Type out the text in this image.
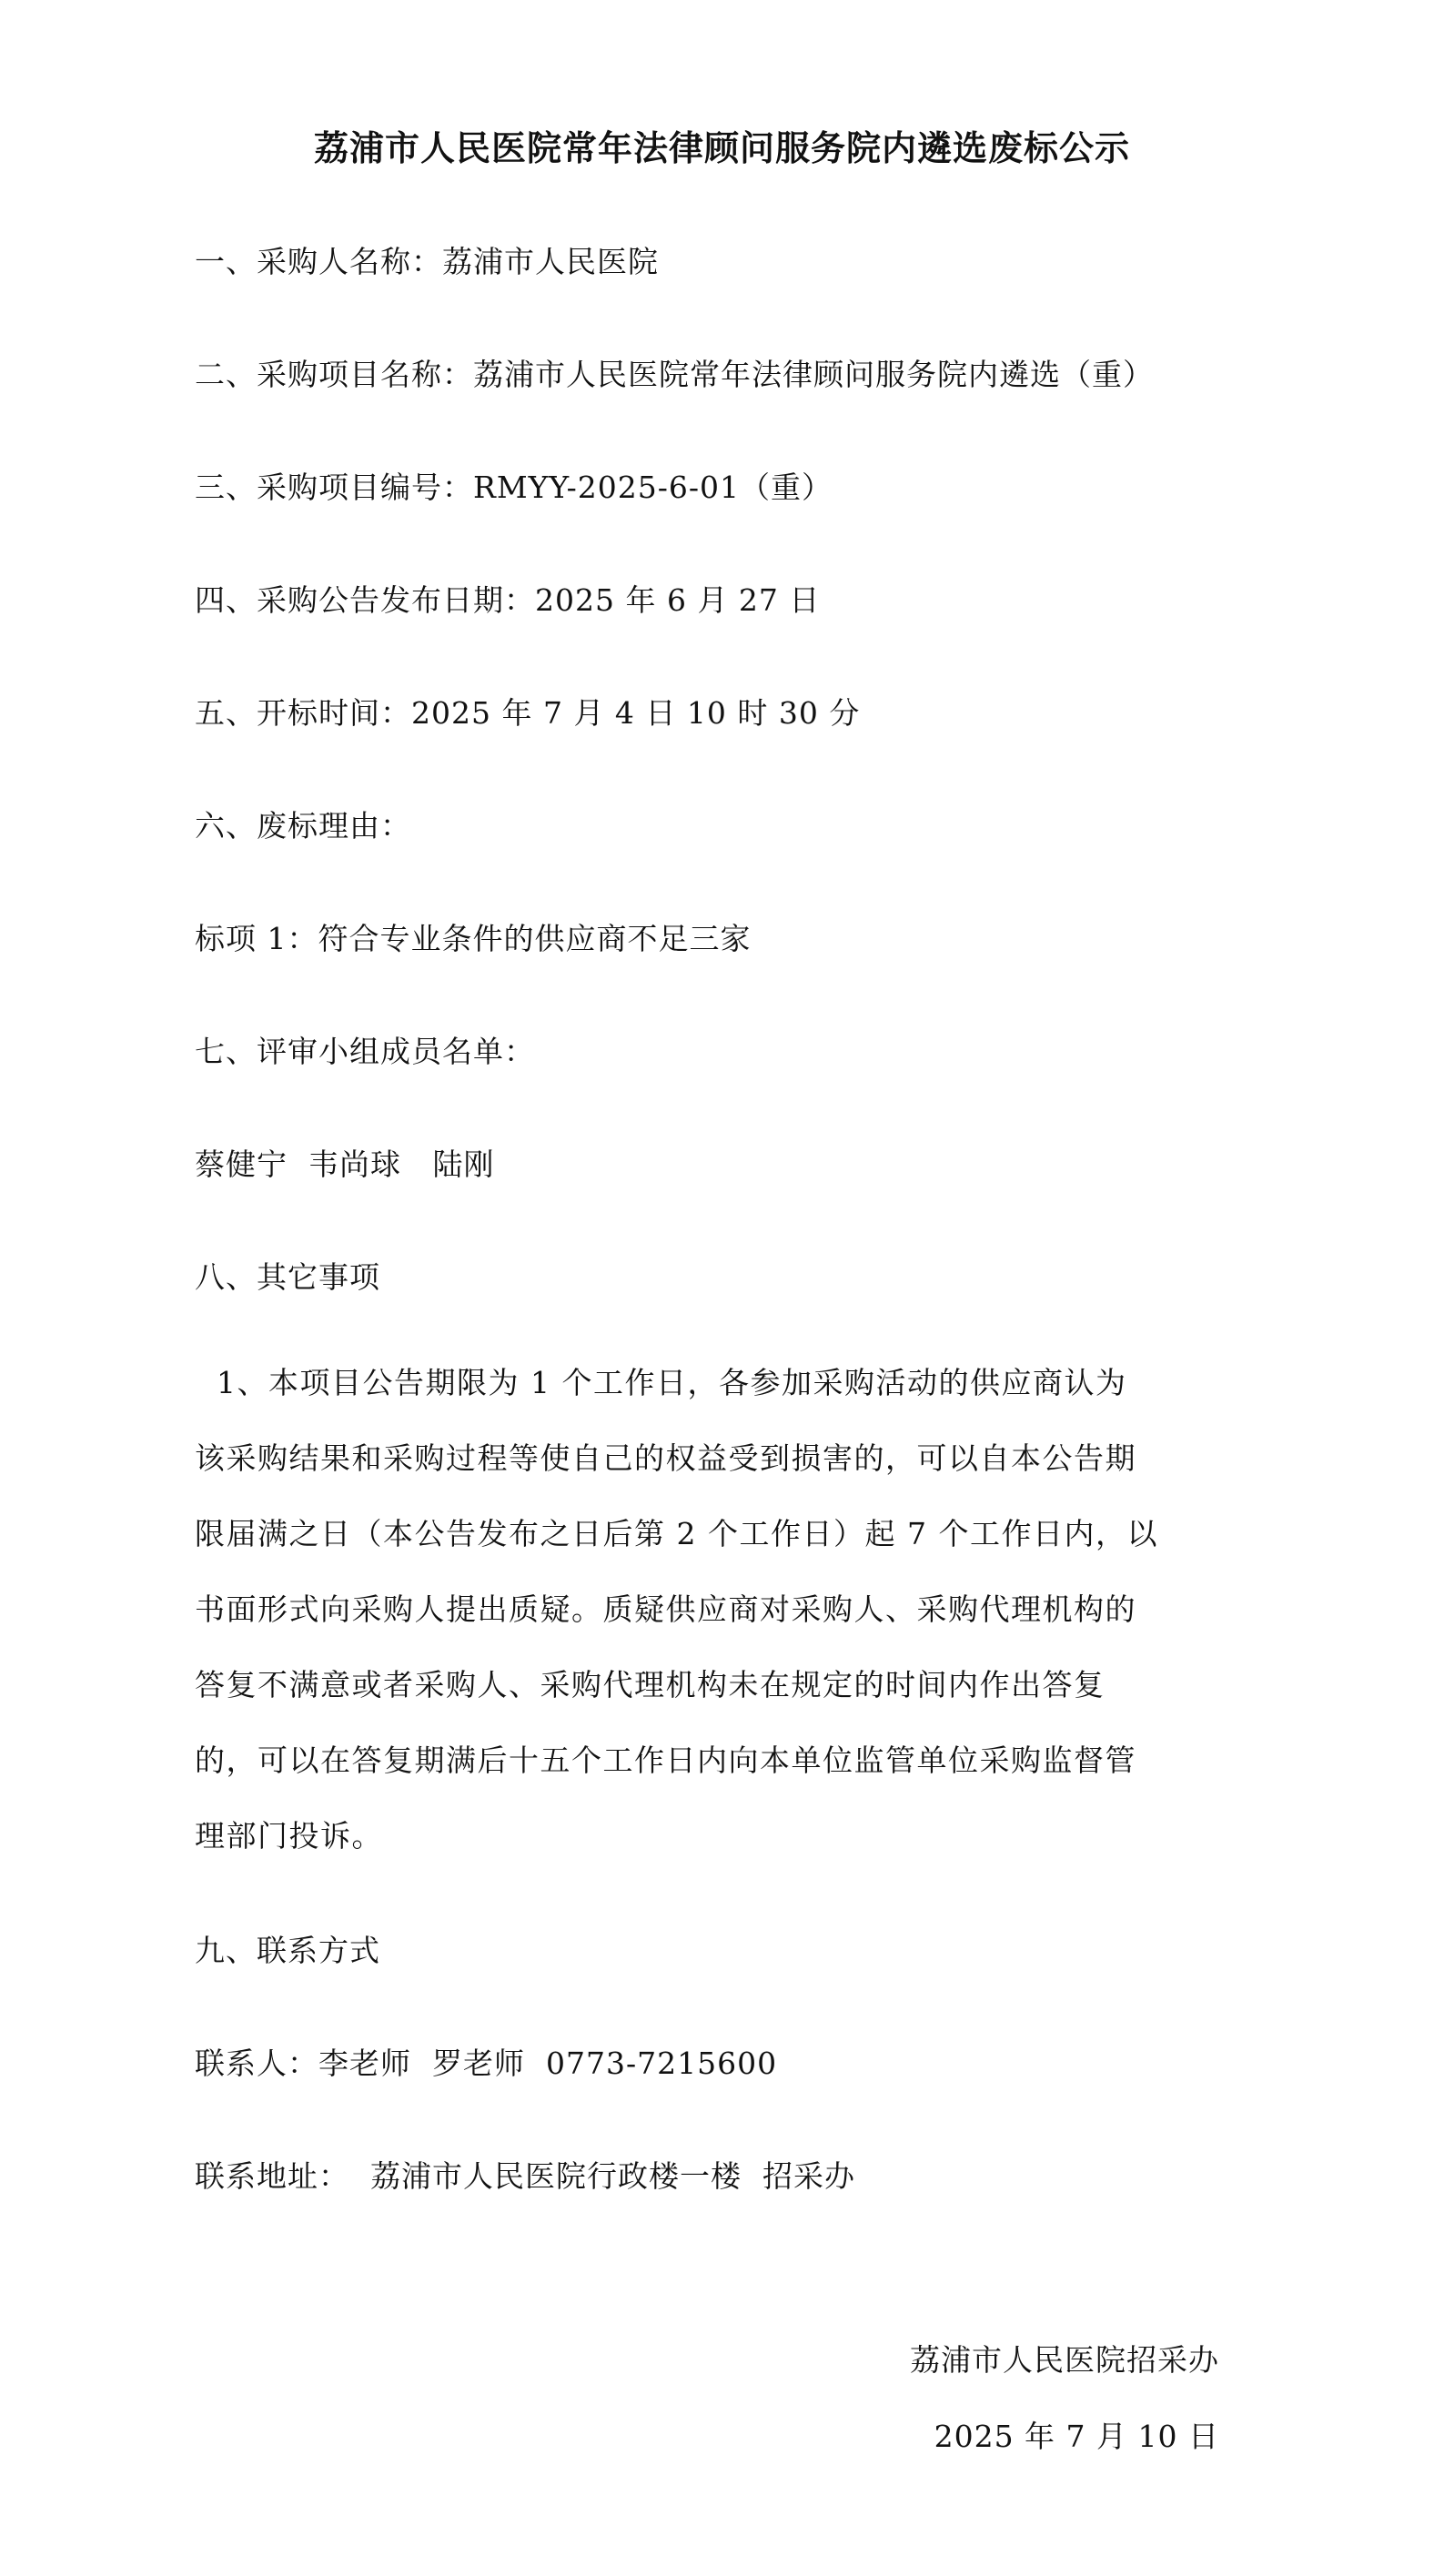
荔浦市人民医院常年法律顾问服务院内遴选废标公示
一、采购人名称：荔浦市人民医院
二、采购项目名称：荔浦市人民医院常年法律顾问服务院内遴选（重）
三、采购项目编号：RMYY-2025-6-01（重）
四、采购公告发布日期：2025 年 6 月 27 日
五、开标时间：2025 年 7 月 4 日 10 时 30 分
六、废标理由：
标项 1：符合专业条件的供应商不足三家
七、评审小组成员名单：
蔡健宁  韦尚球   陆刚
八、其它事项
1、本项目公告期限为 1 个工作日，各参加采购活动的供应商认为
该采购结果和采购过程等使自己的权益受到损害的，可以自本公告期
限届满之日（本公告发布之日后第 2 个工作日）起 7 个工作日内，以
书面形式向采购人提出质疑。质疑供应商对采购人、采购代理机构的
答复不满意或者采购人、采购代理机构未在规定的时间内作出答复
的，可以在答复期满后十五个工作日内向本单位监管单位采购监督管
理部门投诉。
九、联系方式
联系人：李老师  罗老师  0773-7215600
联系地址：  荔浦市人民医院行政楼一楼  招采办
荔浦市人民医院招采办
2025 年 7 月 10 日
